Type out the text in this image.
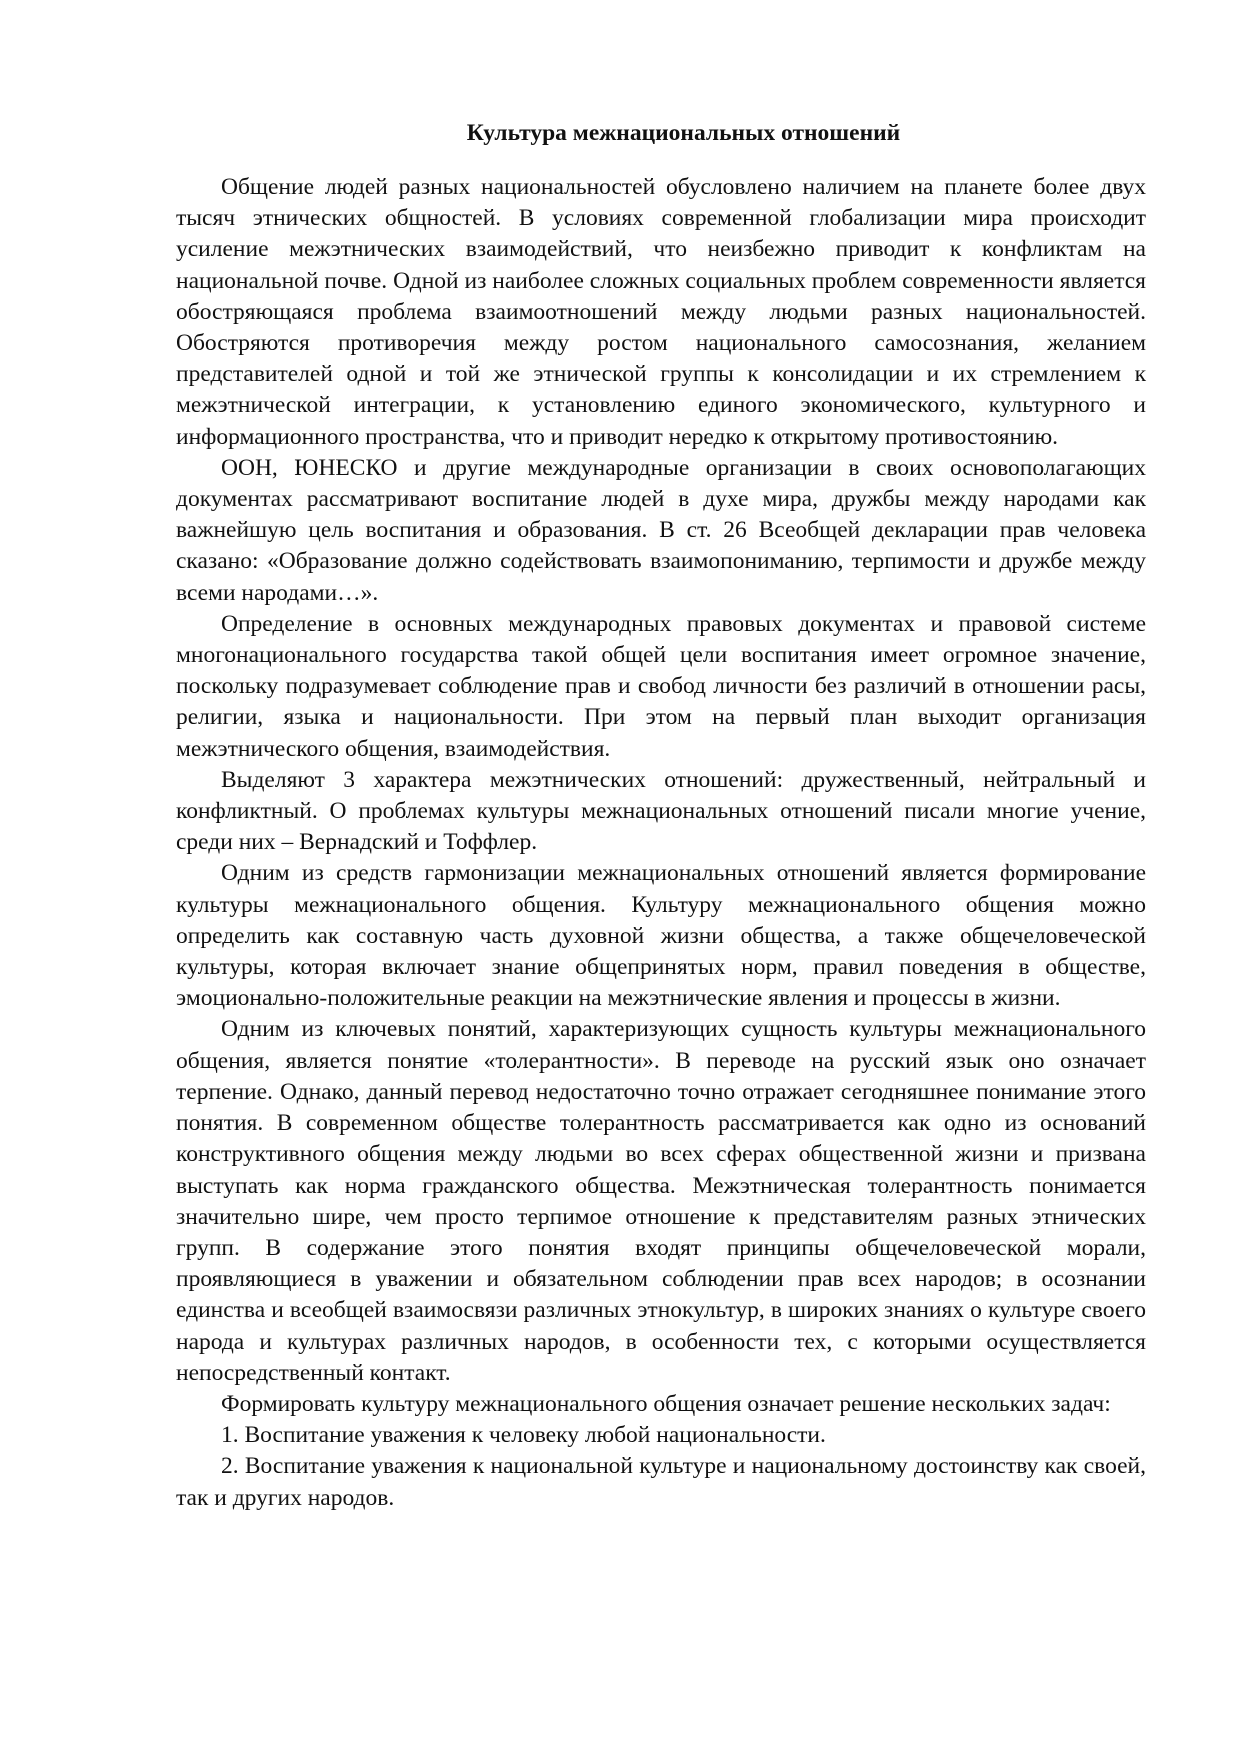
Культура межнациональных отношений

Общение людей разных национальностей обусловлено наличием на планете более двух тысяч этнических общностей. В условиях современной глобализации мира происходит усиление межэтнических взаимодействий, что неизбежно приводит к конфликтам на национальной почве. Одной из наиболее сложных социальных проблем современности является обостряющаяся проблема взаимоотношений между людьми разных национальностей. Обостряются противоречия между ростом национального самосознания, желанием представителей одной и той же этнической группы к консолидации и их стремлением к межэтнической интеграции, к установлению единого экономического, культурного и информационного пространства, что и приводит нередко к открытому противостоянию.

ООН, ЮНЕСКО и другие международные организации в своих основополагающих документах рассматривают воспитание людей в духе мира, дружбы между народами как важнейшую цель воспитания и образования. В ст. 26 Всеобщей декларации прав человека сказано: «Образование должно содействовать взаимопониманию, терпимости и дружбе между всеми народами…».

Определение в основных международных правовых документах и правовой системе многонационального государства такой общей цели воспитания имеет огромное значение, поскольку подразумевает соблюдение прав и свобод личности без различий в отношении расы, религии, языка и национальности. При этом на первый план выходит организация межэтнического общения, взаимодействия.

Выделяют 3 характера межэтнических отношений: дружественный, нейтральный и конфликтный. О проблемах культуры межнациональных отношений писали многие учение, среди них – Вернадский и Тоффлер.

Одним из средств гармонизации межнациональных отношений является формирование культуры межнационального общения. Культуру межнационального общения можно определить как составную часть духовной жизни общества, а также общечеловеческой культуры, которая включает знание общепринятых норм, правил поведения в обществе, эмоционально-положительные реакции на межэтнические явления и процессы в жизни.

Одним из ключевых понятий, характеризующих сущность культуры межнационального общения, является понятие «толерантности». В переводе на русский язык оно означает терпение. Однако, данный перевод недостаточно точно отражает сегодняшнее понимание этого понятия. В современном обществе толерантность рассматривается как одно из оснований конструктивного общения между людьми во всех сферах общественной жизни и призвана выступать как норма гражданского общества. Межэтническая толерантность понимается значительно шире, чем просто терпимое отношение к представителям разных этнических групп. В содержание этого понятия входят принципы общечеловеческой морали, проявляющиеся в уважении и обязательном соблюдении прав всех народов; в осознании единства и всеобщей взаимосвязи различных этнокультур, в широких знаниях о культуре своего народа и культурах различных народов, в особенности тех, с которыми осуществляется непосредственный контакт.

Формировать культуру межнационального общения означает решение нескольких задач:

1. Воспитание уважения к человеку любой национальности.

2. Воспитание уважения к национальной культуре и национальному достоинству как своей, так и других народов.
